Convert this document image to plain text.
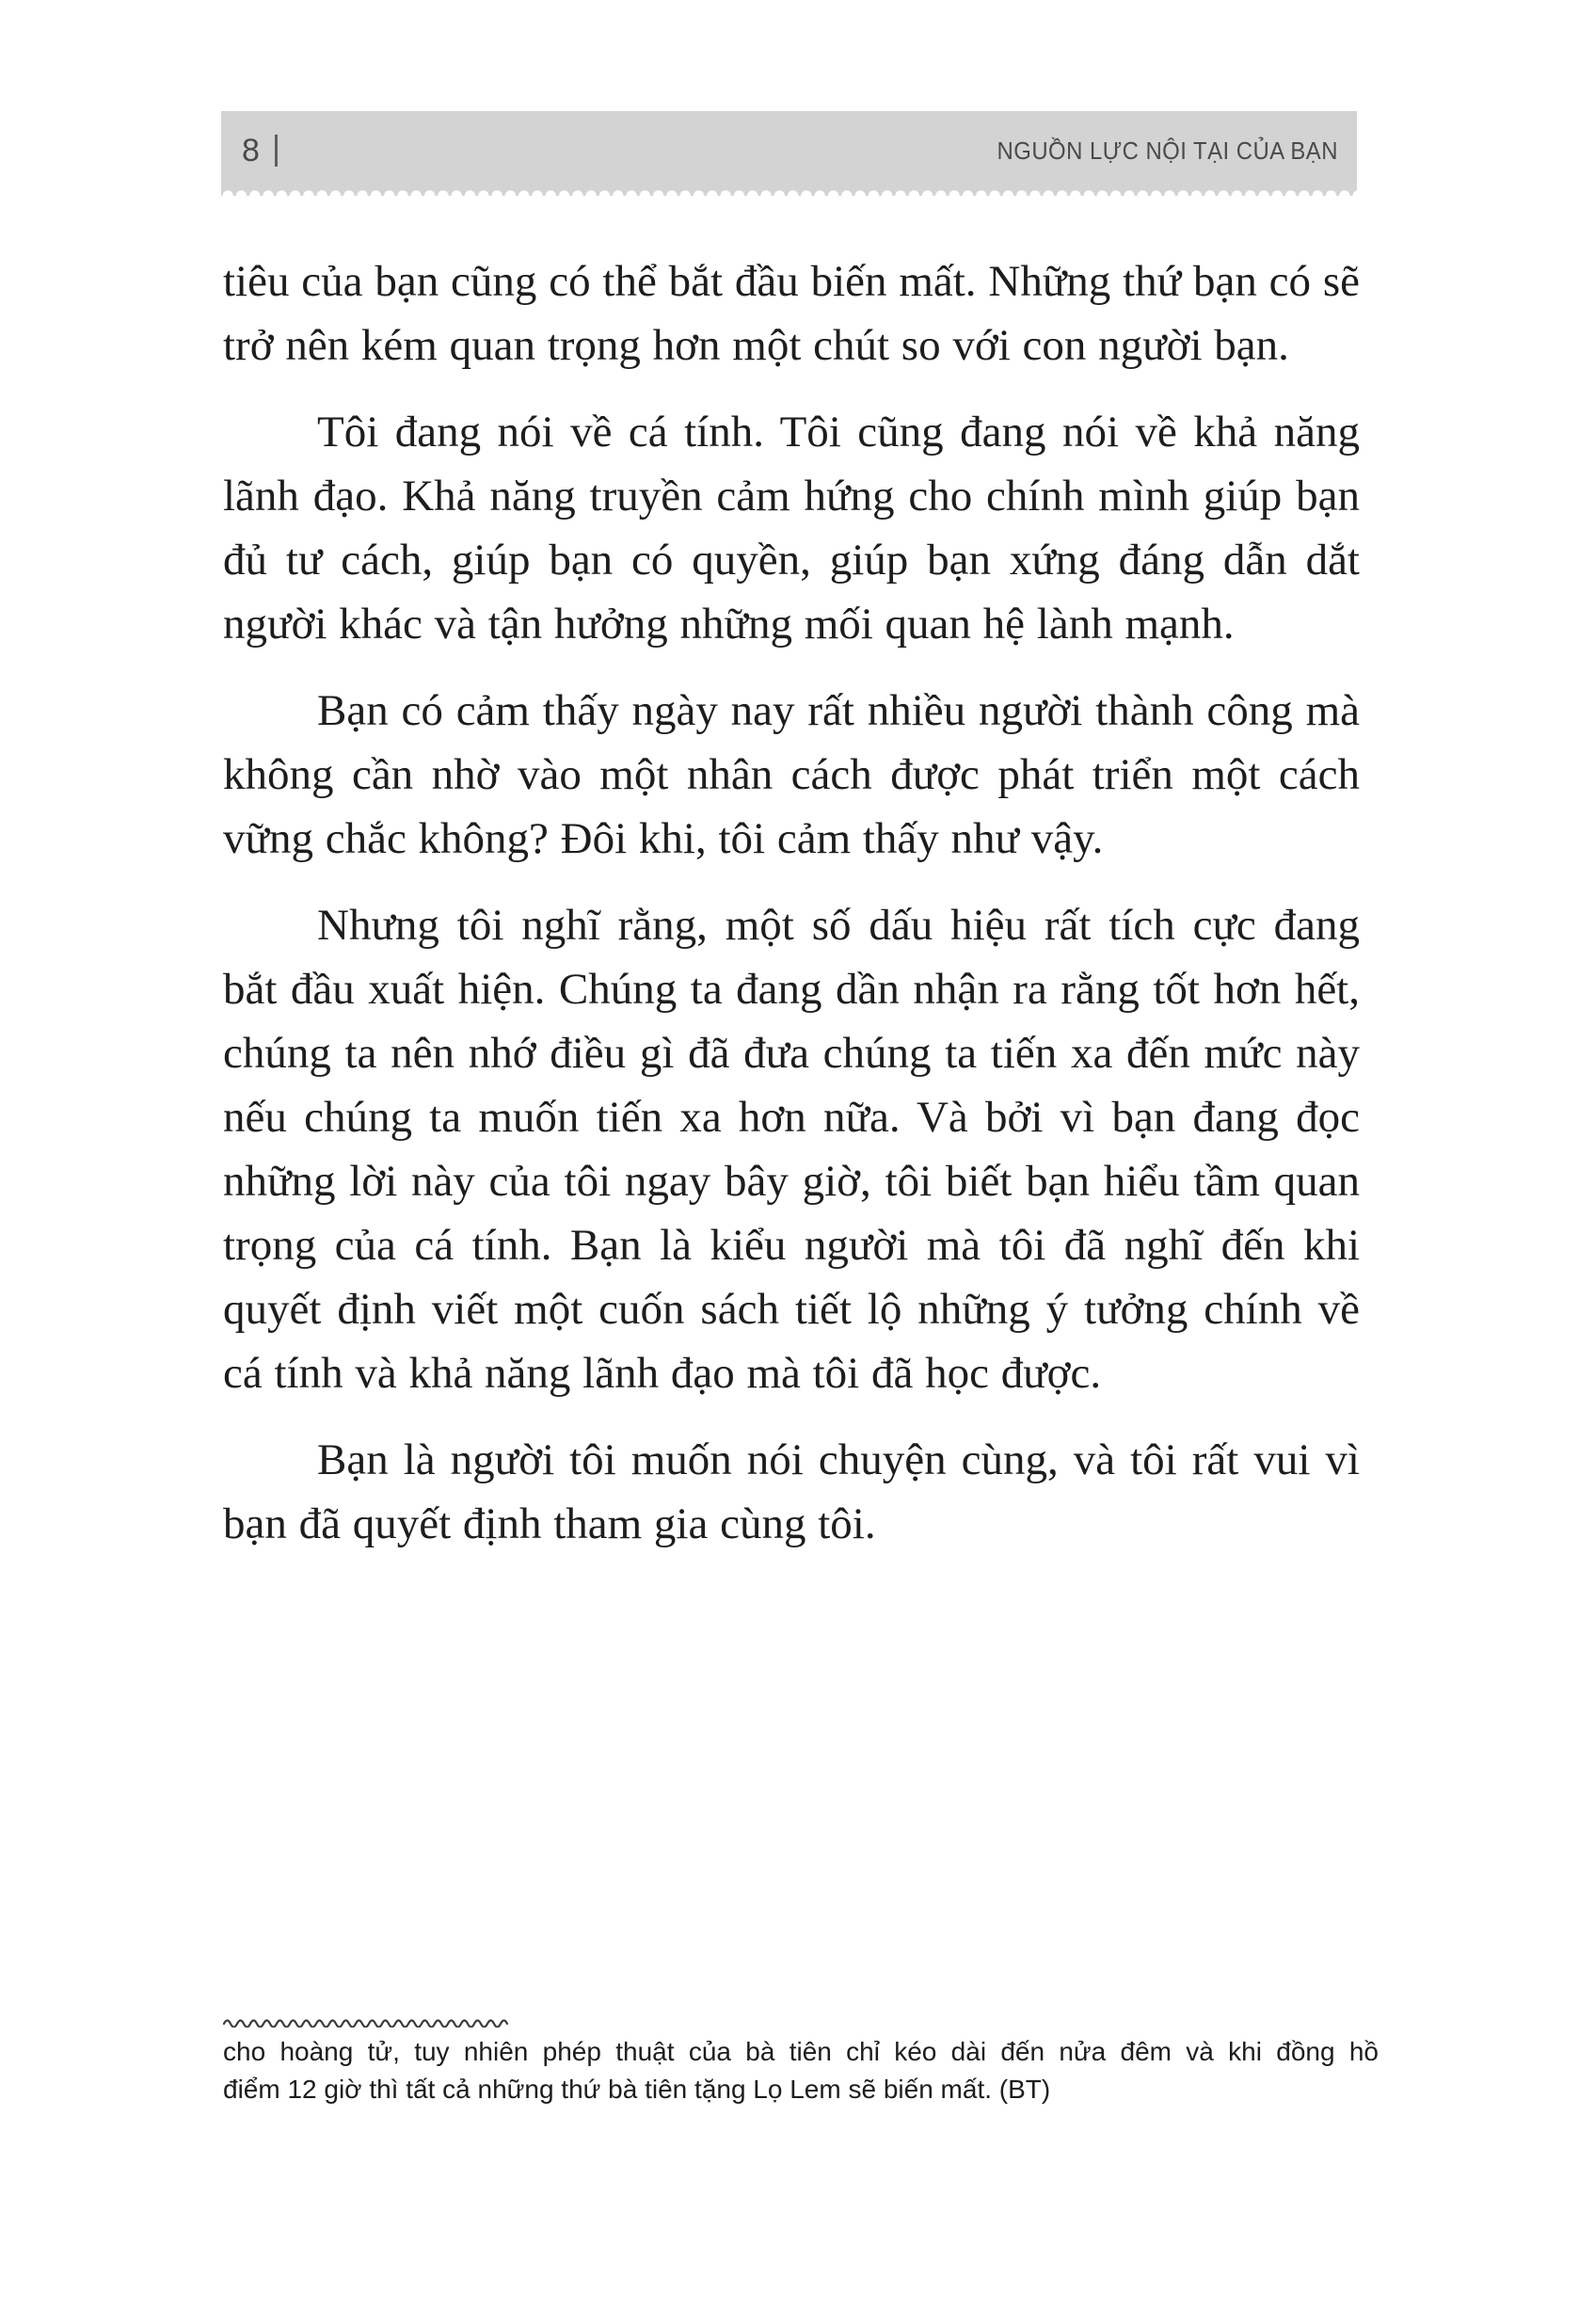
8	NGUỒN LỰC NỘI TẠI CỦA BẠN

tiêu của bạn cũng có thể bắt đầu biến mất. Những thứ bạn có sẽ trở nên kém quan trọng hơn một chút so với con người bạn.

Tôi đang nói về cá tính. Tôi cũng đang nói về khả năng lãnh đạo. Khả năng truyền cảm hứng cho chính mình giúp bạn đủ tư cách, giúp bạn có quyền, giúp bạn xứng đáng dẫn dắt người khác và tận hưởng những mối quan hệ lành mạnh.

Bạn có cảm thấy ngày nay rất nhiều người thành công mà không cần nhờ vào một nhân cách được phát triển một cách vững chắc không? Đôi khi, tôi cảm thấy như vậy.

Nhưng tôi nghĩ rằng, một số dấu hiệu rất tích cực đang bắt đầu xuất hiện. Chúng ta đang dần nhận ra rằng tốt hơn hết, chúng ta nên nhớ điều gì đã đưa chúng ta tiến xa đến mức này nếu chúng ta muốn tiến xa hơn nữa. Và bởi vì bạn đang đọc những lời này của tôi ngay bây giờ, tôi biết bạn hiểu tầm quan trọng của cá tính. Bạn là kiểu người mà tôi đã nghĩ đến khi quyết định viết một cuốn sách tiết lộ những ý tưởng chính về cá tính và khả năng lãnh đạo mà tôi đã học được.

Bạn là người tôi muốn nói chuyện cùng, và tôi rất vui vì bạn đã quyết định tham gia cùng tôi.

cho hoàng tử, tuy nhiên phép thuật của bà tiên chỉ kéo dài đến nửa đêm và khi đồng hồ
điểm 12 giờ thì tất cả những thứ bà tiên tặng Lọ Lem sẽ biến mất. (BT)
